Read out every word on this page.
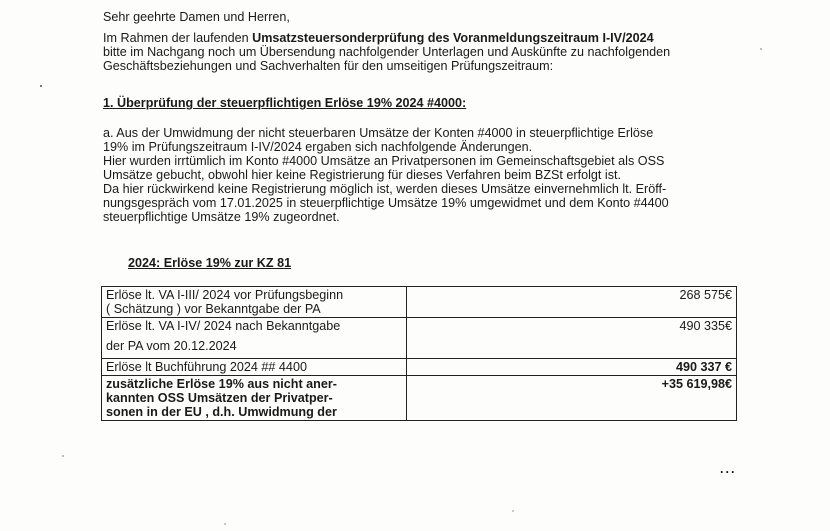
Sehr geehrte Damen und Herren,
Im Rahmen der laufenden Umsatzsteuersonderprüfung des Voranmeldungszeitraum I-IV/2024
bitte im Nachgang noch um Übersendung nachfolgender Unterlagen und Auskünfte zu nachfolgenden
Geschäftsbeziehungen und Sachverhalten für den umseitigen Prüfungszeitraum:
1. Überprüfung der steuerpflichtigen Erlöse 19% 2024 #4000:
a. Aus der Umwidmung der nicht steuerbaren Umsätze der Konten #4000 in steuerpflichtige Erlöse
19% im Prüfungszeitraum I-IV/2024 ergaben sich nachfolgende Änderungen.
Hier wurden irrtümlich im Konto #4000 Umsätze an Privatpersonen im Gemeinschaftsgebiet als OSS
Umsätze gebucht, obwohl hier keine Registrierung für dieses Verfahren beim BZSt erfolgt ist.
Da hier rückwirkend keine Registrierung möglich ist, werden dieses Umsätze einvernehmlich lt. Eröff-
nungsgespräch vom 17.01.2025 in steuerpflichtige Umsätze 19% umgewidmet und dem Konto #4400
steuerpflichtige Umsätze 19% zugeordnet.
2024: Erlöse 19% zur KZ 81
Erlöse lt. VA I-III/ 2024 vor Prüfungsbeginn
( Schätzung ) vor Bekanntgabe der PA	268 575€

Erlöse lt. VA I-IV/ 2024 nach Bekanntgabe
der PA vom 20.12.2024	490 335€

Erlöse lt Buchführung 2024 ## 4400	490 337 €

zusätzliche Erlöse 19% aus nicht aner-
kannten OSS Umsätzen der Privatper-
sonen in der EU , d.h. Umwidmung der	+35 619,98€
...
